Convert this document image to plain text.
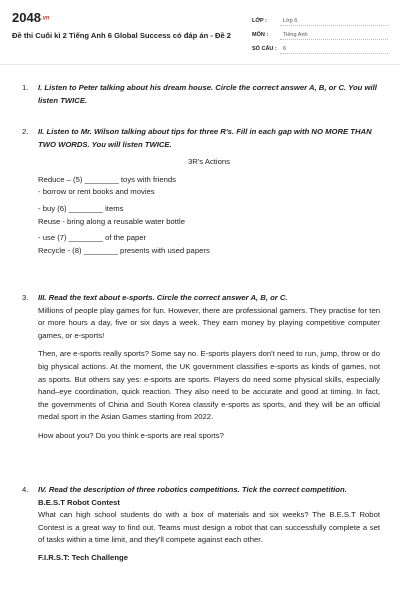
2048.vn
Đề thi Cuối kì 2 Tiếng Anh 6 Global Success có đáp án - Đề 2
LỚP :	Lớp 6
MÔN :	Tiếng Anh
SỐ CÂU :	6
1. I. Listen to Peter talking about his dream house. Circle the correct answer A, B, or C. You will listen TWICE.
2. II. Listen to Mr. Wilson talking about tips for three R's. Fill in each gap with NO MORE THAN TWO WORDS. You will listen TWICE.
3R's Actions
Reduce – (5) ________ toys with friends
- borrow or rent books and movies
- buy (6) ________ items
Reuse - bring along a reusable water bottle
- use (7) ________ of the paper
Recycle - (8) ________ presents with used papers
3. III. Read the text about e-sports. Circle the correct answer A, B, or C.
Millions of people play games for fun. However, there are professional gamers. They practise for ten or more hours a day, five or six days a week. They earn money by playing competitive computer games, or e-sports!
Then, are e-sports really sports? Some say no. E-sports players don't need to run, jump, throw or do big physical actions. At the moment, the UK government classifies e-sports as kinds of games, not as sports. But others say yes: e-sports are sports. Players do need some physical skills, especially hand–eye coordination, quick reaction. They also need to be accurate and good at timing. In fact, the governments of China and South Korea classify e-sports as sports, and they will be an official medal sport in the Asian Games starting from 2022.
How about you? Do you think e-sports are real sports?
4. IV. Read the description of three robotics competitions. Tick the correct competition.
B.E.S.T Robot Contest
What can high school students do with a box of materials and six weeks? The B.E.S.T Robot Contest is a great way to find out. Teams must design a robot that can successfully complete a set of tasks within a time limit, and they'll compete against each other.
F.I.R.S.T: Tech Challenge
